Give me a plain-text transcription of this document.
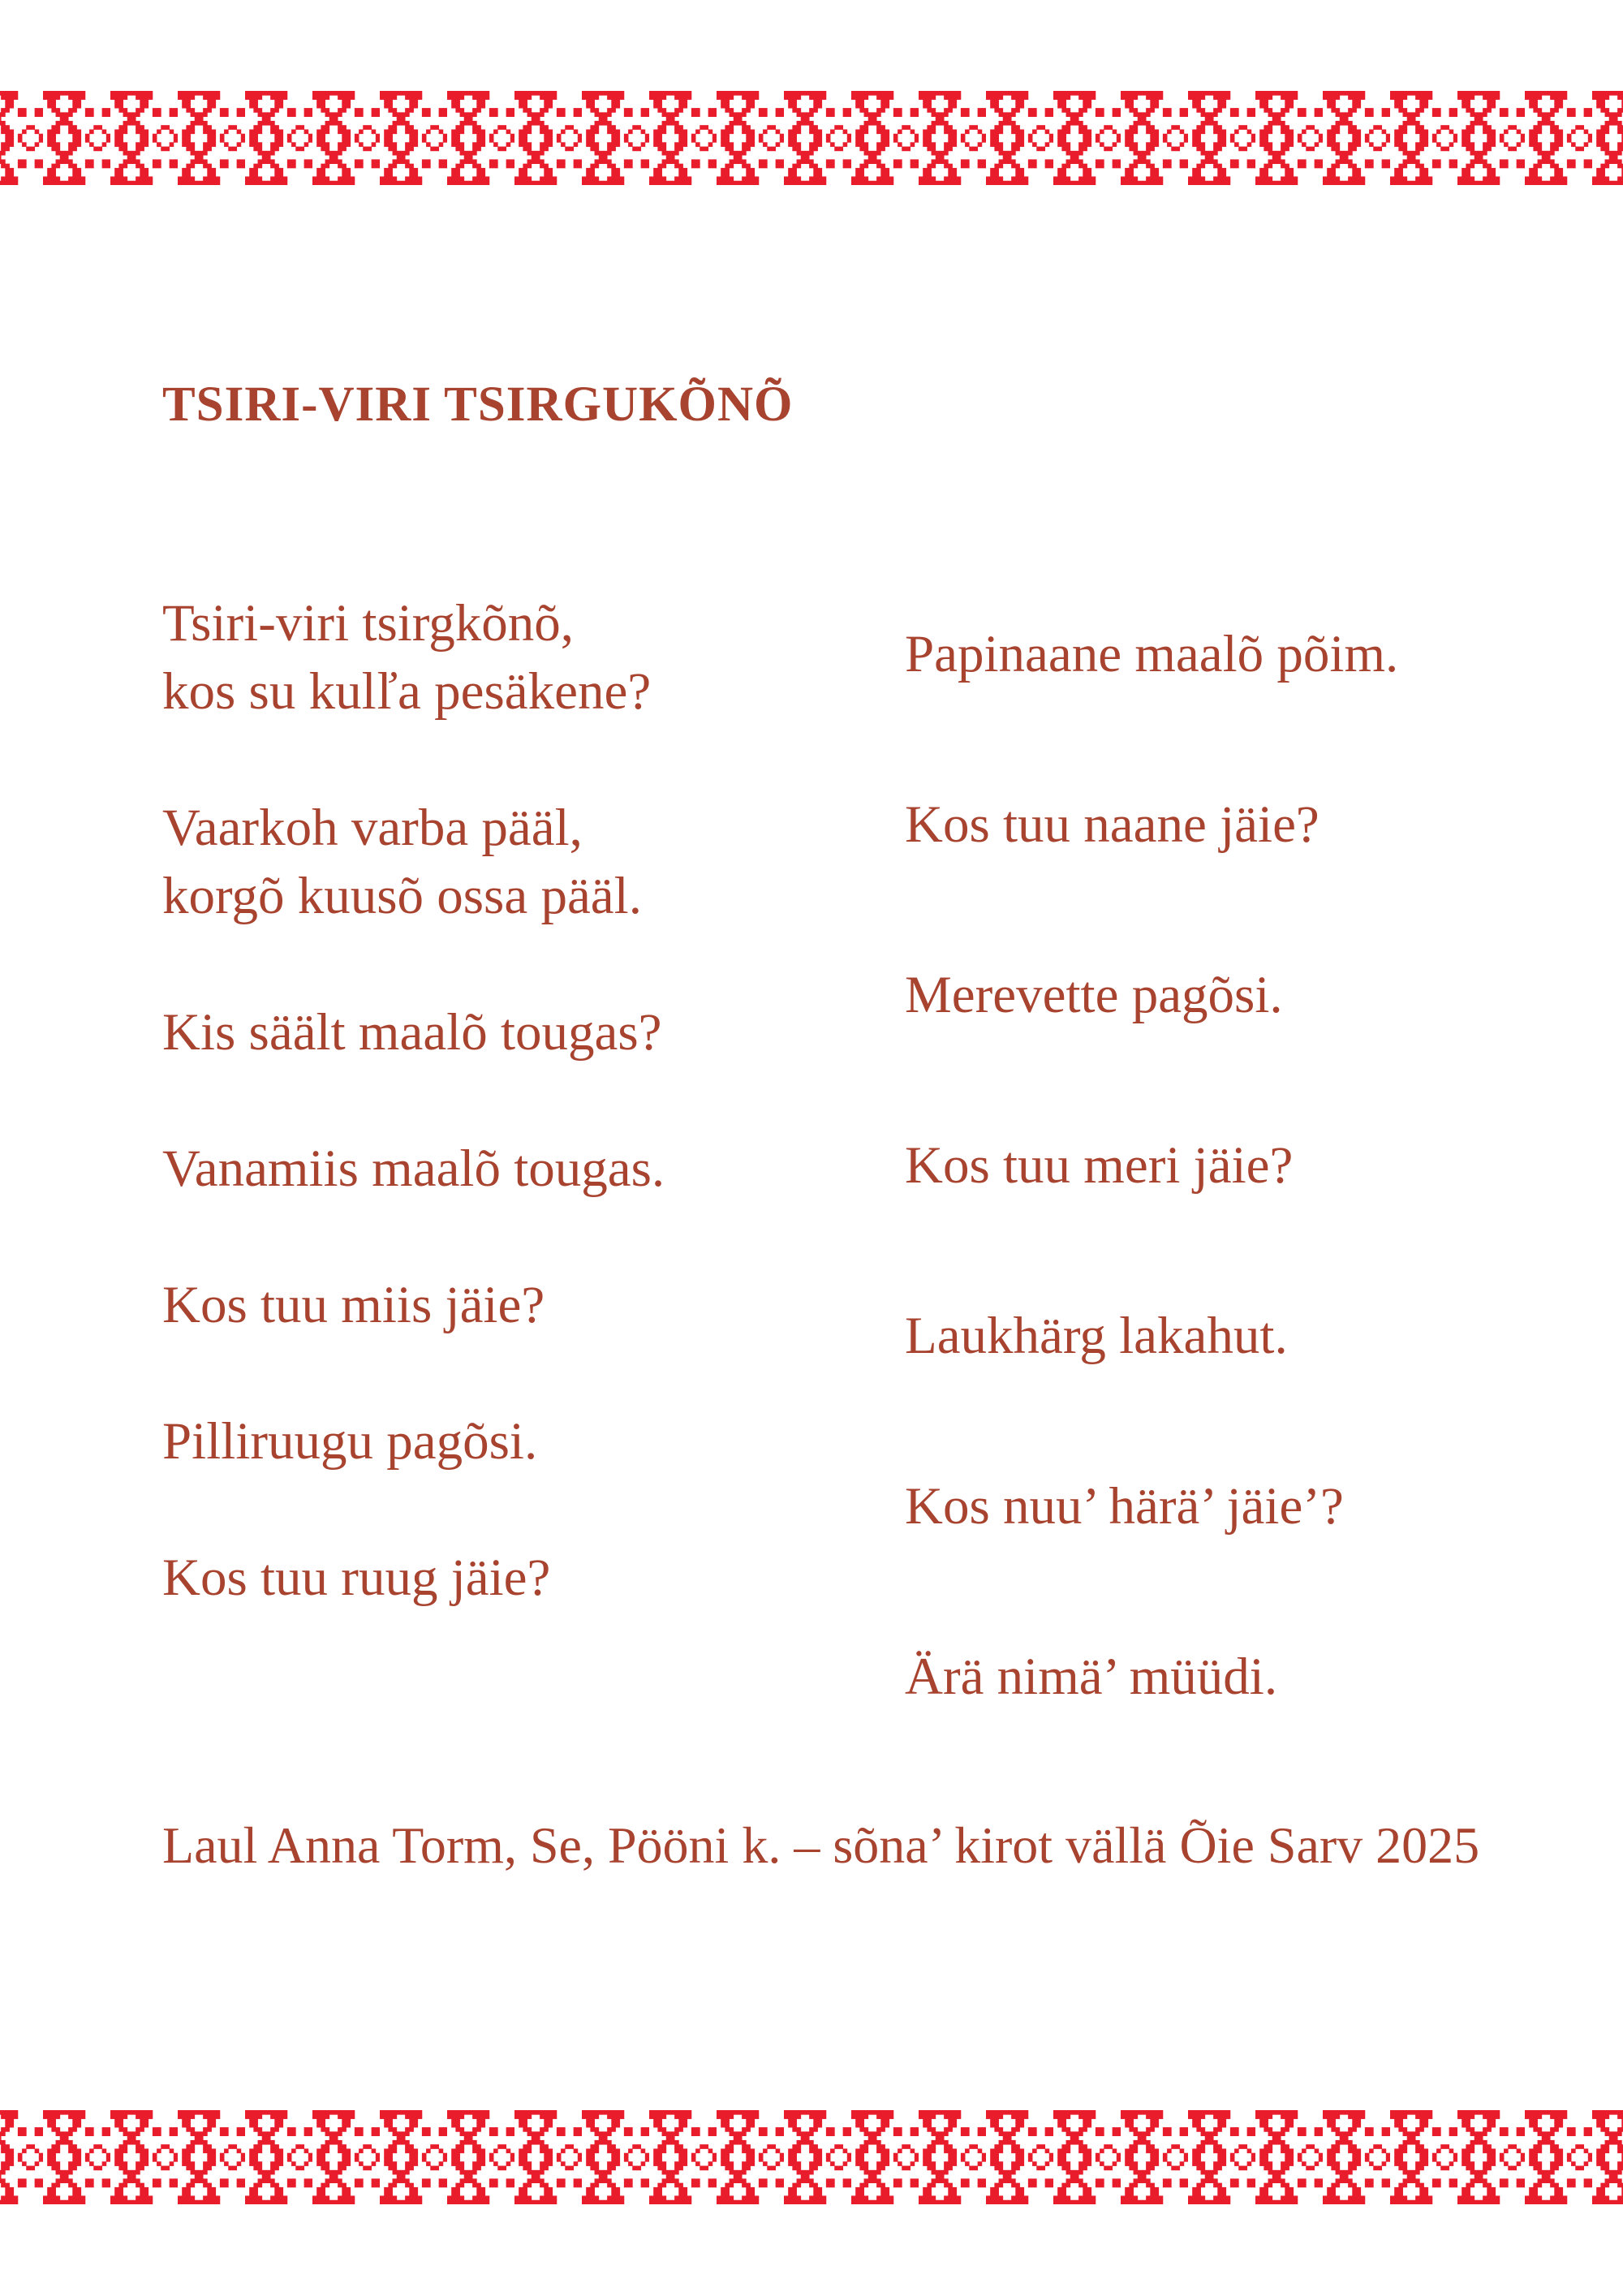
TSIRI-VIRI TSIRGUKÕNÕ

Tsiri-viri tsirgkõnõ,

kos su kulľa pesäkene?

Vaarkoh varba pääl,

korgõ kuusõ ossa pääl.

Kis säält maalõ tougas?

Vanamiis maalõ tougas.

Kos tuu miis jäie?

Pilliruugu pagõsi.

Kos tuu ruug jäie?

Papinaane maalõ põim.

Kos tuu naane jäie?

Merevette pagõsi.

Kos tuu meri jäie?

Laukhärg lakahut.

Kos nuu’ härä’ jäie’?

Ärä nimä’ müüdi.

Laul Anna Torm, Se, Pööni k. – sõna’ kirot vällä Õie Sarv 2025
